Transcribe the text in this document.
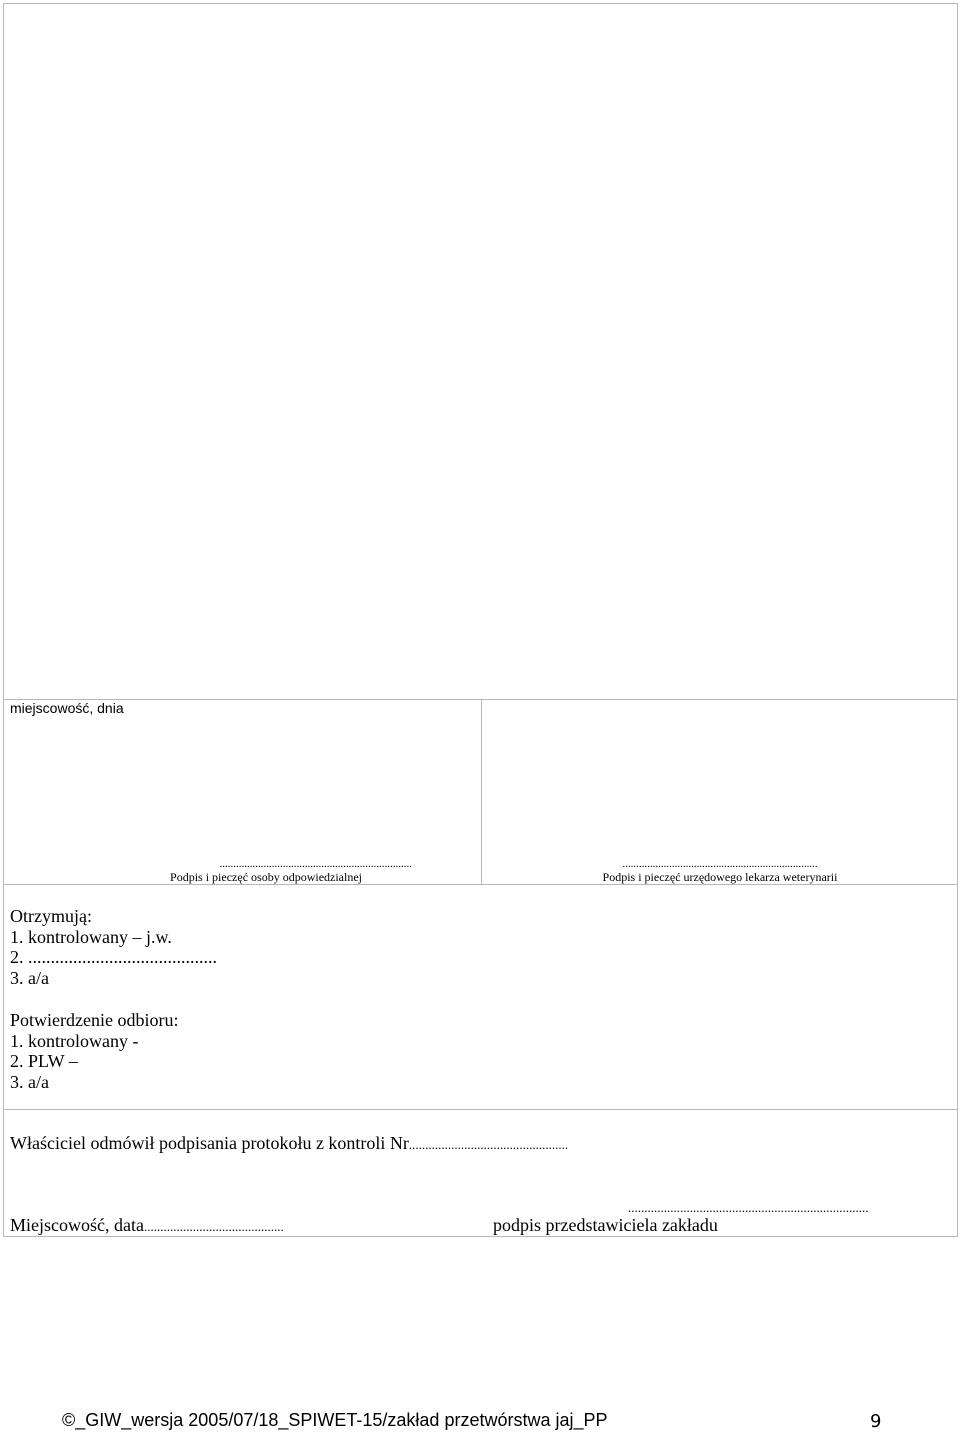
miejscowość, dnia
......................................................................
Podpis i pieczęć osoby odpowiedzialnej
.......................................................................
Podpis i pieczęć urzędowego lekarza weterynarii
Otrzymują:
1. kontrolowany – j.w.
2. ..........................................
3. a/a
Potwierdzenie odbioru:
1. kontrolowany -
2. PLW –
3. a/a
Właściciel odmówił podpisania protokołu z kontroli Nr.................................................
Miejscowość, data...........................................
..........................................................................
podpis przedstawiciela zakładu
©_GIW_wersja 2005/07/18_SPIWET-15/zakład przetwórstwa jaj_PP	9
